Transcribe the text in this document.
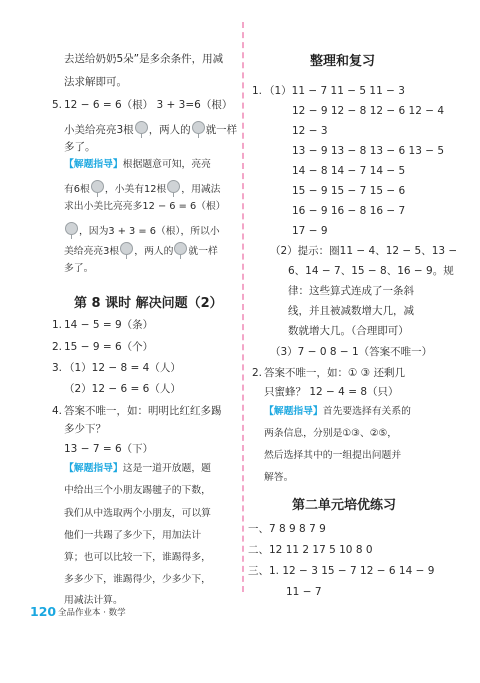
去送给奶奶5朵”是多余条件，用减
法求解即可。
5. 12 − 6 = 6（根） 3 + 3=6（根）
小美给亮亮3根 ，两人的 就一样
多了。
【解题指导】根据题意可知，亮亮
有6根 ，小美有12根 ，用减法
求出小美比亮亮多12 − 6 = 6（根）
，因为3 + 3 = 6（根），所以小
美给亮亮3根 ，两人的 就一样
多了。
第 8 课时 解决问题（2）
1. 14 − 5 = 9（条）
2. 15 − 9 = 6（个）
3. （1）12 − 8 = 4（人）
（2）12 − 6 = 6（人）
4. 答案不唯一，如：明明比红红多踢
多少下？
13 − 7 = 6（下）
【解题指导】这是一道开放题，题
中给出三个小朋友踢毽子的下数，
我们从中选取两个小朋友，可以算
他们一共踢了多少下，用加法计
算；也可以比较一下，谁踢得多，
多多少下，谁踢得少，少多少下，
用减法计算。
整理和复习
1. （1）11 − 7 11 − 5 11 − 3
12 − 9 12 − 8 12 − 6 12 − 4
12 − 3
13 − 9 13 − 8 13 − 6 13 − 5
14 − 8 14 − 7 14 − 5
15 − 9 15 − 7 15 − 6
16 − 9 16 − 8 16 − 7
17 − 9
（2）提示：圈11 − 4、12 − 5、13 −
6、14 − 7、15 − 8、16 − 9。规
律：这些算式连成了一条斜
线，并且被减数增大几，减
数就增大几。（合理即可）
（3）7 − 0 8 − 1（答案不唯一）
2. 答案不唯一，如：① ③ 还剩几
只蜜蜂？ 12 − 4 = 8（只）
【解题指导】首先要选择有关系的
两条信息，分别是①③、②⑤，
然后选择其中的一组提出问题并
解答。
第二单元培优练习
一、7 8 9 8 7 9
二、12 11 2 17 5 10 8 0
三、1. 12 − 3 15 − 7 12 − 6 14 − 9
11 − 7
120 全品作业本 · 数学
